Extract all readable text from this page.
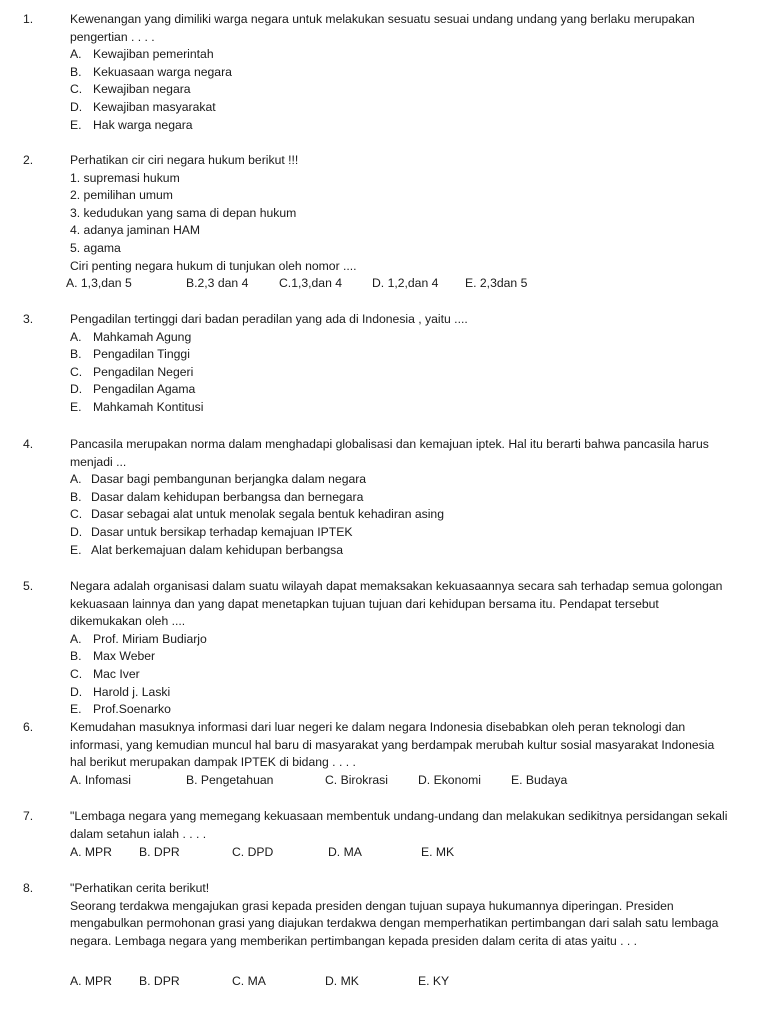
1.	Kewenangan yang dimiliki warga negara untuk melakukan sesuatu sesuai undang undang yang berlaku merupakan
pengertian . . . .
A. Kewajiban pemerintah
B. Kekuasaan warga negara
C. Kewajiban negara
D. Kewajiban masyarakat
E. Hak warga negara
2.	Perhatikan cir ciri negara hukum berikut !!!
1. supremasi hukum
2. pemilihan umum
3. kedudukan yang sama di depan hukum
4. adanya jaminan HAM
5. agama
Ciri penting negara hukum di tunjukan oleh nomor ....
A. 1,3,dan 5	B.2,3 dan 4	C.1,3,dan 4 D. 1,2,dan 4 E. 2,3dan 5
3.	Pengadilan tertinggi dari badan peradilan yang ada di Indonesia , yaitu ....
A. Mahkamah Agung
B. Pengadilan Tinggi
C. Pengadilan Negeri
D. Pengadilan Agama
E. Mahkamah Kontitusi
4.	Pancasila merupakan norma dalam menghadapi globalisasi dan kemajuan iptek. Hal itu berarti bahwa pancasila harus
menjadi ...
A. Dasar bagi pembangunan berjangka dalam negara
B. Dasar dalam kehidupan berbangsa dan bernegara
C. Dasar sebagai alat untuk menolak segala bentuk kehadiran asing
D. Dasar untuk bersikap terhadap kemajuan IPTEK
E. Alat berkemajuan dalam kehidupan berbangsa
5.	Negara adalah organisasi dalam suatu wilayah dapat memaksakan kekuasaannya secara sah terhadap semua golongan
kekuasaan lainnya dan yang dapat menetapkan tujuan tujuan dari kehidupan bersama itu. Pendapat tersebut
dikemukakan oleh ....
A. Prof. Miriam Budiarjo
B. Max Weber
C. Mac Iver
D. Harold j. Laski
E. Prof.Soenarko
6.	Kemudahan masuknya informasi dari luar negeri ke dalam negara Indonesia disebabkan oleh peran teknologi dan
informasi, yang kemudian muncul hal baru di masyarakat yang berdampak merubah kultur sosial masyarakat Indonesia
hal berikut merupakan dampak IPTEK di bidang . . . .
A. Infomasi	B. Pengetahuan	C. Birokrasi D. Ekonomi E. Budaya
7.	"Lembaga negara yang memegang kekuasaan membentuk undang-undang dan melakukan sedikitnya persidangan sekali
dalam setahun ialah . . . .
A. MPR B. DPR	C. DPD	D. MA	E. MK
8.	"Perhatikan cerita berikut!
Seorang terdakwa mengajukan grasi kepada presiden dengan tujuan supaya hukumannya diperingan. Presiden
mengabulkan permohonan grasi yang diajukan terdakwa dengan memperhatikan pertimbangan dari salah satu lembaga
negara. Lembaga negara yang memberikan pertimbangan kepada presiden dalam cerita di atas yaitu . . .
A. MPR B. DPR	C. MA	D. MK	E. KY
